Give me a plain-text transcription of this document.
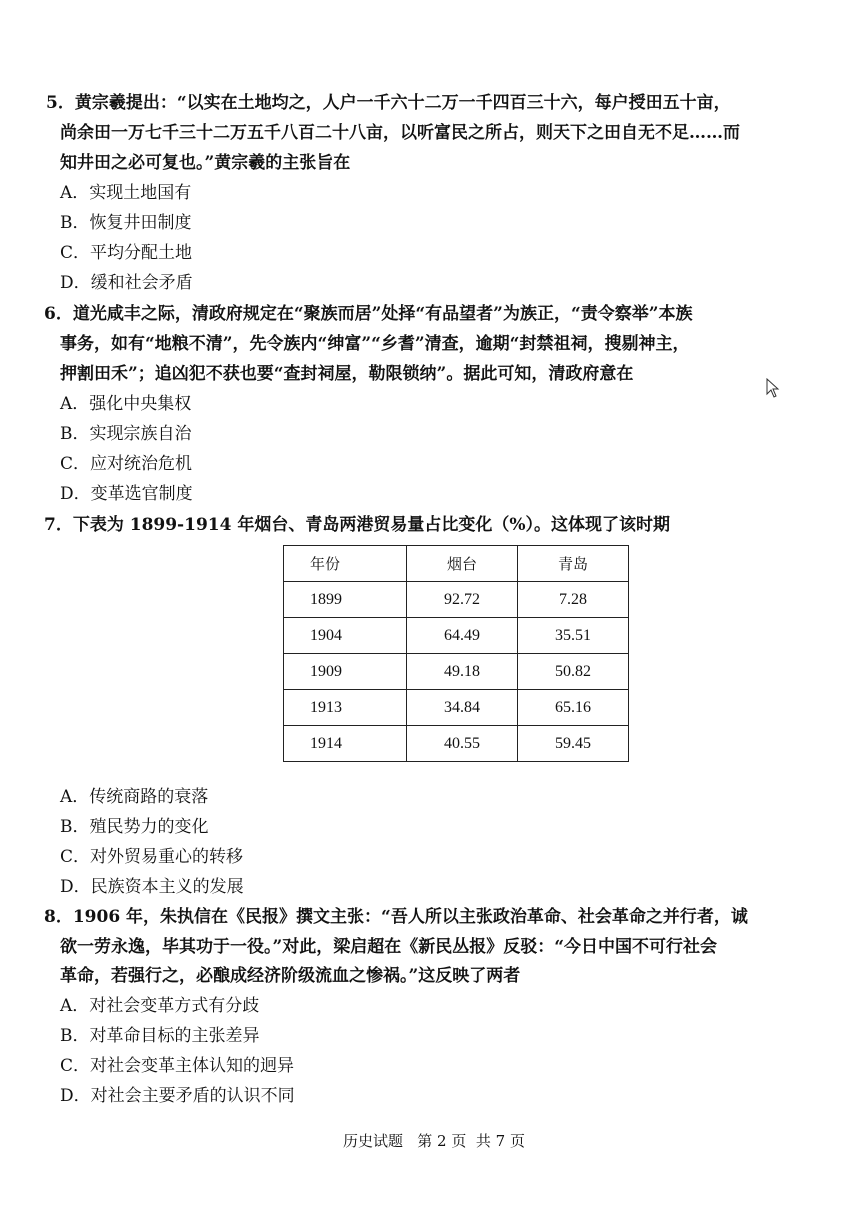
5．黄宗羲提出：“以实在土地均之，人户一千六十二万一千四百三十六，每户授田五十亩，
尚余田一万七千三十二万五千八百二十八亩，以听富民之所占，则天下之田自无不足……而
知井田之必可复也。”黄宗羲的主张旨在
A．实现土地国有
B．恢复井田制度
C．平均分配土地
D．缓和社会矛盾
6．道光咸丰之际，清政府规定在“聚族而居”处择“有品望者”为族正，“责令察举”本族
事务，如有“地粮不清”，先令族内“绅富”“乡耆”清查，逾期“封禁祖祠，搜剔神主，
押割田禾”；追凶犯不获也要“查封祠屋，勒限锁纳”。据此可知，清政府意在
A．强化中央集权
B．实现宗族自治
C．应对统治危机
D．变革选官制度
7．下表为 1899-1914 年烟台、青岛两港贸易量占比变化（%）。这体现了该时期
年份	烟台	青岛
1899	92.72	7.28
1904	64.49	35.51
1909	49.18	50.82
1913	34.84	65.16
1914	40.55	59.45
A．传统商路的衰落
B．殖民势力的变化
C．对外贸易重心的转移
D．民族资本主义的发展
8．1906 年，朱执信在《民报》撰文主张：“吾人所以主张政治革命、社会革命之并行者，诚
欲一劳永逸，毕其功于一役。”对此，梁启超在《新民丛报》反驳：“今日中国不可行社会
革命，若强行之，必酿成经济阶级流血之惨祸。”这反映了两者
A．对社会变革方式有分歧
B．对革命目标的主张差异
C．对社会变革主体认知的迥异
D．对社会主要矛盾的认识不同
历史试题   第 2 页  共 7 页
